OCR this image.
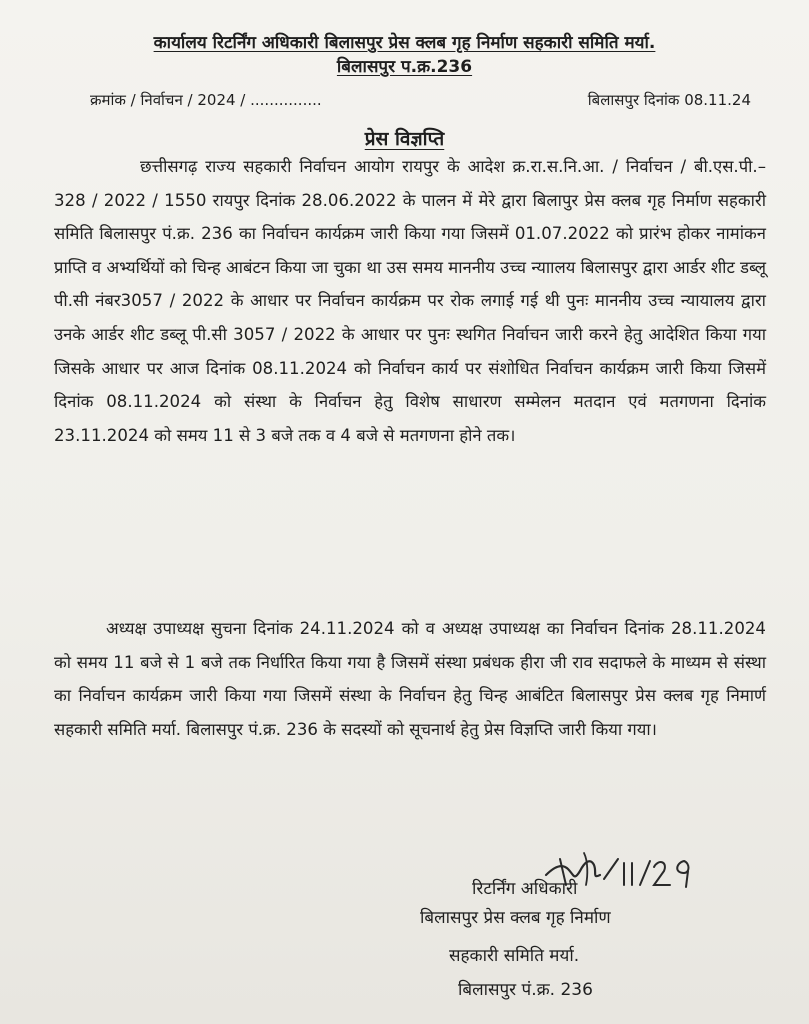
कार्यालय रिटर्निंग अधिकारी बिलासपुर प्रेस क्लब गृह निर्माण सहकारी समिति मर्या.
बिलासपुर प.क्र.236
क्रमांक / निर्वाचन / 2024 / ...............	बिलासपुर दिनांक 08.11.24
प्रेस विज्ञप्ति
छत्तीसगढ़ राज्य सहकारी निर्वाचन आयोग रायपुर के आदेश क्र.रा.स.नि.आ. / निर्वाचन / बी.एस.पी.–328 / 2022 / 1550 रायपुर दिनांक 28.06.2022 के पालन में मेरे द्वारा बिलापुर प्रेस क्लब गृह निर्माण सहकारी समिति बिलासपुर पं.क्र. 236 का निर्वाचन कार्यक्रम जारी किया गया जिसमें 01.07.2022 को प्रारंभ होकर नामांकन प्राप्ति व अभ्यर्थियों को चिन्ह आबंटन किया जा चुका था उस समय माननीय उच्च न्याालय बिलासपुर द्वारा आर्डर शीट डब्लू पी.सी नंबर3057 / 2022 के आधार पर निर्वाचन कार्यक्रम पर रोक लगाई गई थी पुनः माननीय उच्च न्यायालय द्वारा उनके आर्डर शीट डब्लू पी.सी 3057 / 2022 के आधार पर पुनः स्थगित निर्वाचन जारी करने हेतु आदेशित किया गया जिसके आधार पर आज दिनांक 08.11.2024 को निर्वाचन कार्य पर संशोधित निर्वाचन कार्यक्रम जारी किया जिसमें दिनांक 08.11.2024 को संस्था के निर्वाचन हेतु विशेष साधारण सम्मेलन मतदान एवं मतगणना दिनांक 23.11.2024 को समय 11 से 3 बजे तक व 4 बजे से मतगणना होने तक।
अध्यक्ष उपाध्यक्ष सुचना दिनांक 24.11.2024 को व अध्यक्ष उपाध्यक्ष का निर्वाचन दिनांक 28.11.2024 को समय 11 बजे से 1 बजे तक निर्धारित किया गया है जिसमें संस्था प्रबंधक हीरा जी राव सदाफले के माध्यम से संस्था का निर्वाचन कार्यक्रम जारी किया गया जिसमें संस्था के निर्वाचन हेतु चिन्ह आबंटित बिलासपुर प्रेस क्लब गृह निमार्ण सहकारी समिति मर्या. बिलासपुर पं.क्र. 236 के सदस्यों को सूचनार्थ हेतु प्रेस विज्ञप्ति जारी किया गया।
रिटर्निंग अधिकारी
बिलासपुर प्रेस क्लब गृह निर्माण
सहकारी समिति मर्या.
बिलासपुर पं.क्र. 236
